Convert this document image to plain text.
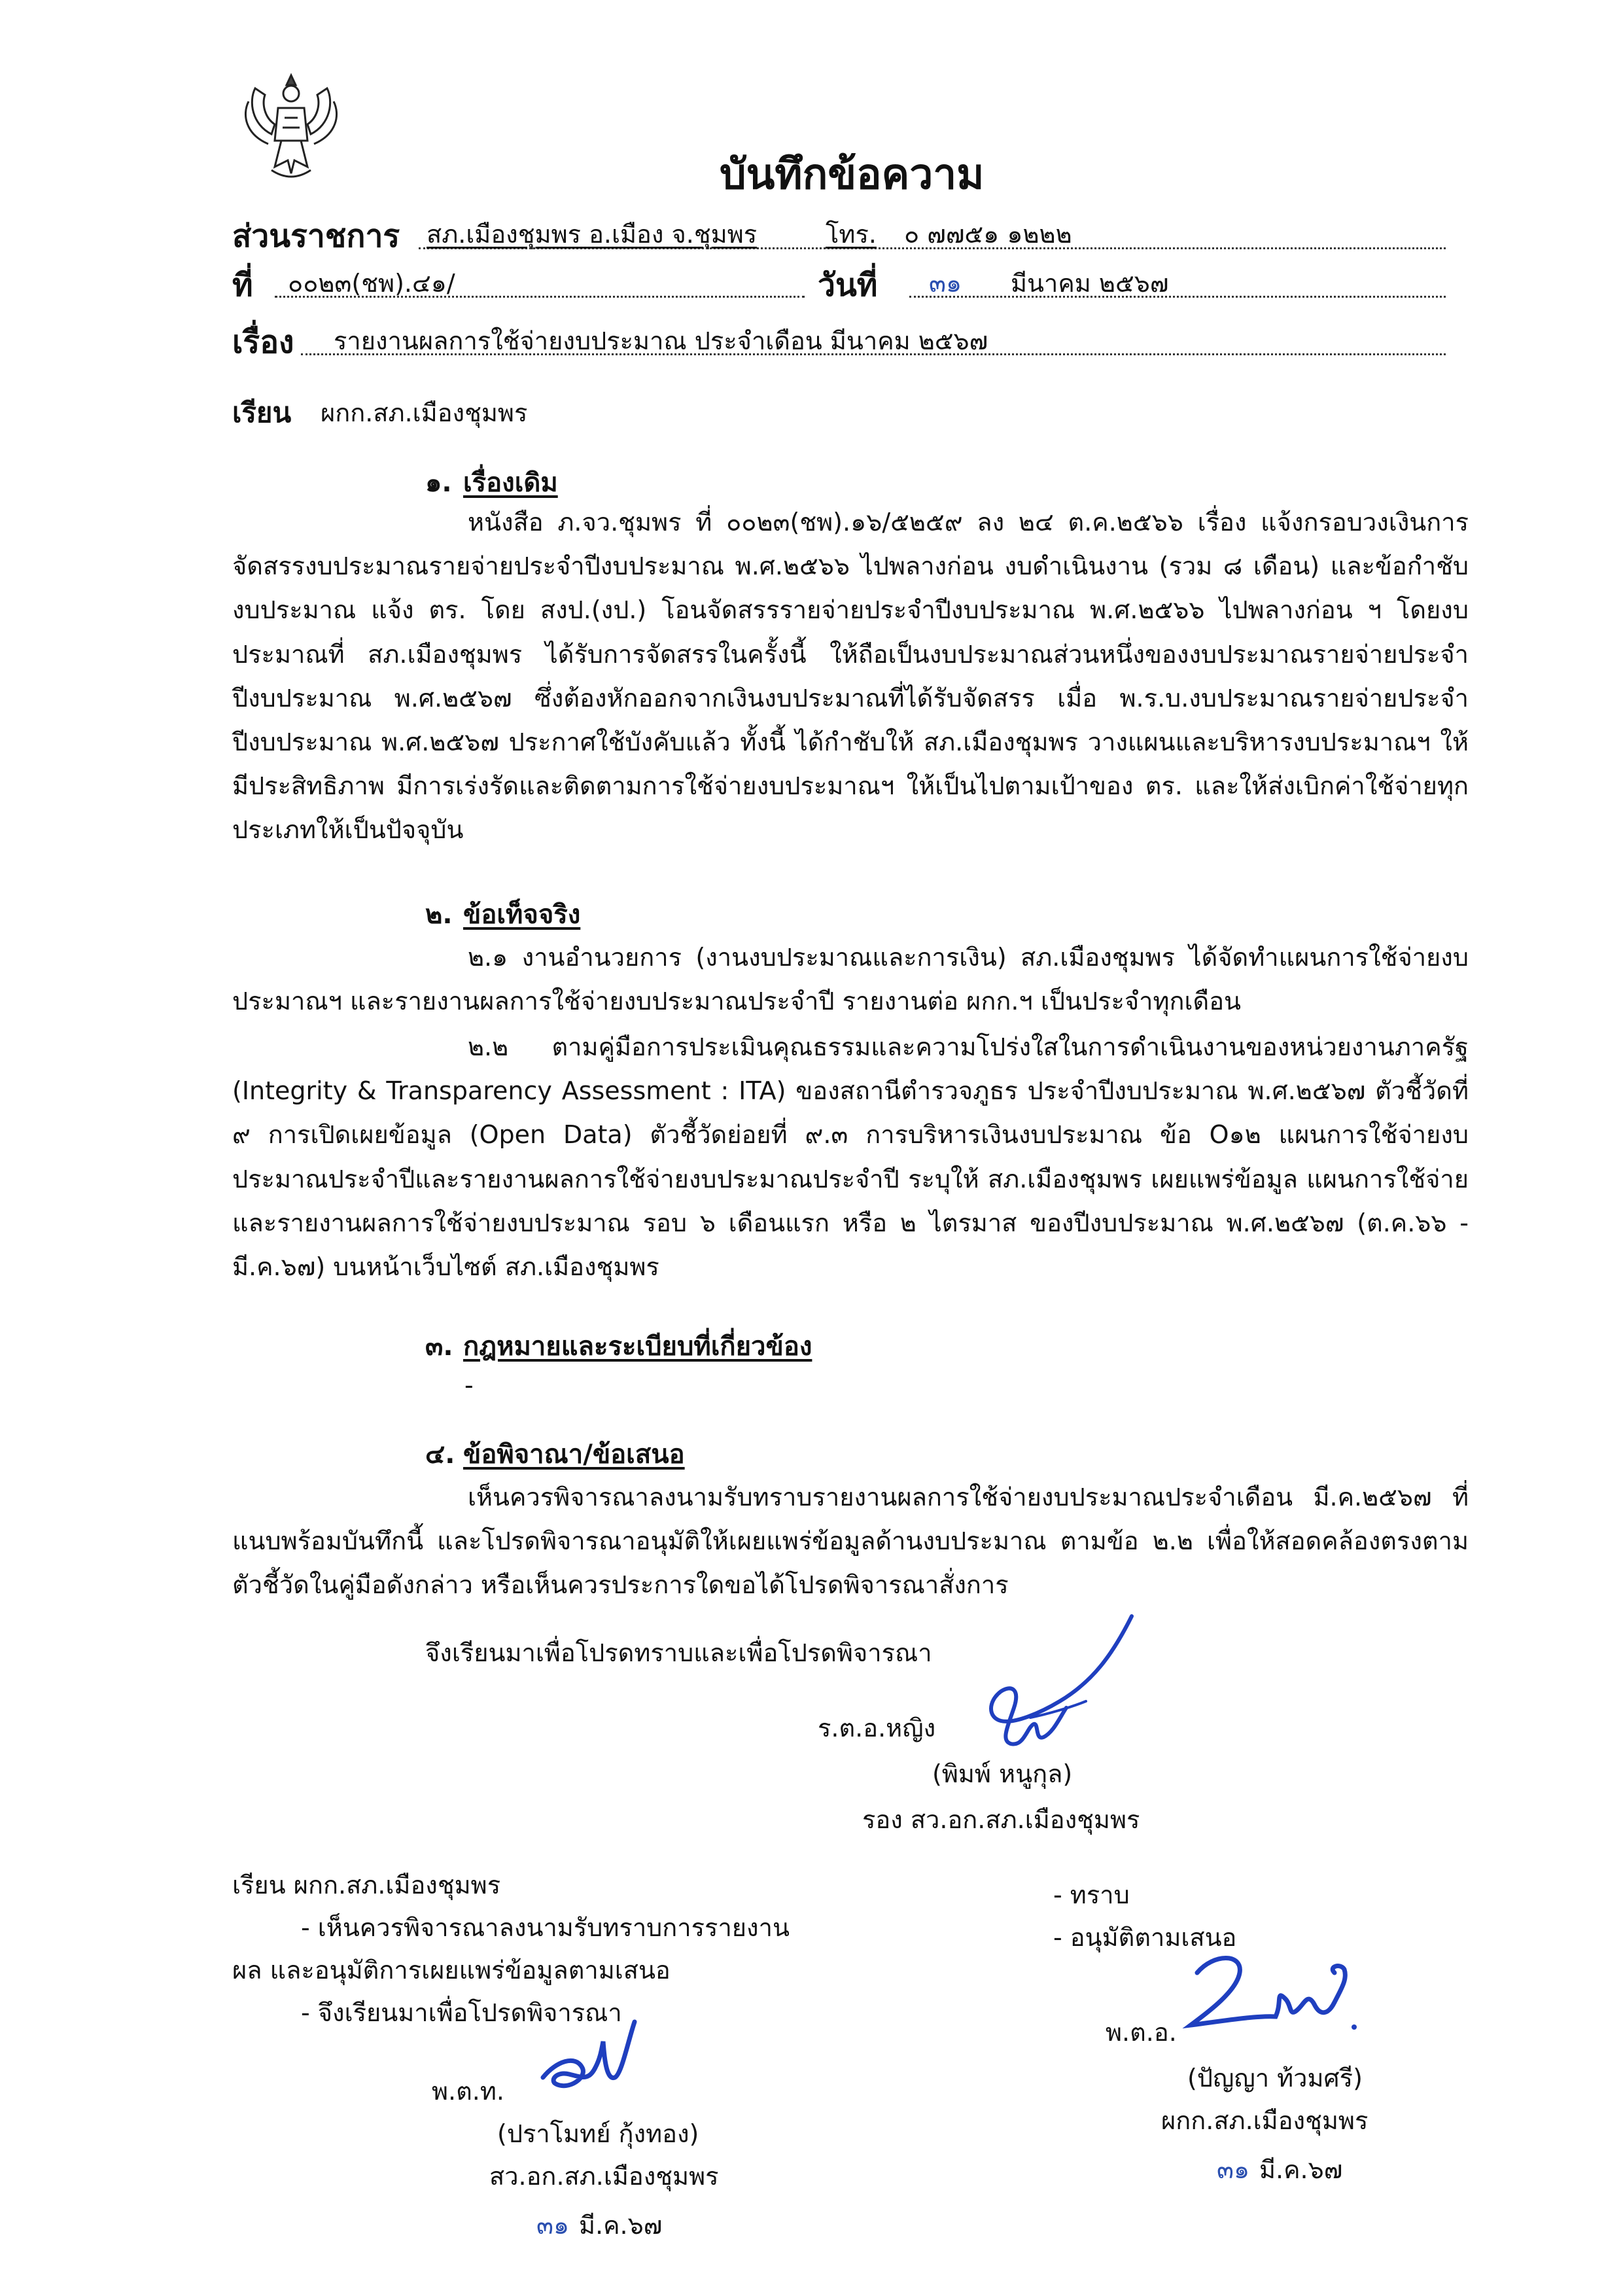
บันทึกข้อความ
ส่วนราชการ สภ.เมืองชุมพร อ.เมือง จ.ชุมพร	โทร. ๐ ๗๗๕๑ ๑๒๒๒
ที่ ๐๐๒๓(ชพ).๔๑/	วันที่ ๓๑ มีนาคม ๒๕๖๗
เรื่อง รายงานผลการใช้จ่ายงบประมาณ ประจำเดือน มีนาคม ๒๕๖๗
เรียน ผกก.สภ.เมืองชุมพร
๑. เรื่องเดิม
หนังสือ ภ.จว.ชุมพร ที่ ๐๐๒๓(ชพ).๑๖/๕๒๕๙ ลง ๒๔ ต.ค.๒๕๖๖ เรื่อง แจ้งกรอบวงเงินการจัดสรรงบประมาณรายจ่ายประจำปีงบประมาณ พ.ศ.๒๕๖๖ ไปพลางก่อน งบดำเนินงาน (รวม ๘ เดือน) และข้อกำชับงบประมาณ แจ้ง ตร. โดย สงป.(งป.) โอนจัดสรรรายจ่ายประจำปีงบประมาณ พ.ศ.๒๕๖๖ ไปพลางก่อน ฯ โดยงบประมาณที่ สภ.เมืองชุมพร ได้รับการจัดสรรในครั้งนี้ ให้ถือเป็นงบประมาณส่วนหนึ่งของงบประมาณรายจ่ายประจำปีงบประมาณ พ.ศ.๒๕๖๗ ซึ่งต้องหักออกจากเงินงบประมาณที่ได้รับจัดสรร เมื่อ พ.ร.บ.งบประมาณรายจ่ายประจำปีงบประมาณ พ.ศ.๒๕๖๗ ประกาศใช้บังคับแล้ว ทั้งนี้ ได้กำชับให้ สภ.เมืองชุมพร วางแผนและบริหารงบประมาณฯ ให้มีประสิทธิภาพ มีการเร่งรัดและติดตามการใช้จ่ายงบประมาณฯ ให้เป็นไปตามเป้าของ ตร. และให้ส่งเบิกค่าใช้จ่ายทุกประเภทให้เป็นปัจจุบัน
๒. ข้อเท็จจริง
๒.๑ งานอำนวยการ (งานงบประมาณและการเงิน) สภ.เมืองชุมพร ได้จัดทำแผนการใช้จ่ายงบประมาณฯ และรายงานผลการใช้จ่ายงบประมาณประจำปี รายงานต่อ ผกก.ฯ เป็นประจำทุกเดือน
๒.๒ ตามคู่มือการประเมินคุณธรรมและความโปร่งใสในการดำเนินงานของหน่วยงานภาครัฐ (Integrity & Transparency Assessment : ITA) ของสถานีตำรวจภูธร ประจำปีงบประมาณ พ.ศ.๒๕๖๗ ตัวชี้วัดที่ ๙ การเปิดเผยข้อมูล (Open Data) ตัวชี้วัดย่อยที่ ๙.๓ การบริหารเงินงบประมาณ ข้อ O๑๒ แผนการใช้จ่ายงบประมาณประจำปีและรายงานผลการใช้จ่ายงบประมาณประจำปี ระบุให้ สภ.เมืองชุมพร เผยแพร่ข้อมูล แผนการใช้จ่ายและรายงานผลการใช้จ่ายงบประมาณ รอบ ๖ เดือนแรก หรือ ๒ ไตรมาส ของปีงบประมาณ พ.ศ.๒๕๖๗ (ต.ค.๖๖ - มี.ค.๖๗) บนหน้าเว็บไซต์ สภ.เมืองชุมพร
๓. กฎหมายและระเบียบที่เกี่ยวข้อง
-
๔. ข้อพิจาณา/ข้อเสนอ
เห็นควรพิจารณาลงนามรับทราบรายงานผลการใช้จ่ายงบประมาณประจำเดือน มี.ค.๒๕๖๗ ที่แนบพร้อมบันทึกนี้ และโปรดพิจารณาอนุมัติให้เผยแพร่ข้อมูลด้านงบประมาณ ตามข้อ ๒.๒ เพื่อให้สอดคล้องตรงตามตัวชี้วัดในคู่มือดังกล่าว หรือเห็นควรประการใดขอได้โปรดพิจารณาสั่งการ
จึงเรียนมาเพื่อโปรดทราบและเพื่อโปรดพิจารณา
ร.ต.อ.หญิง
(พิมพ์ หนูกุล)
รอง สว.อก.สภ.เมืองชุมพร
เรียน ผกก.สภ.เมืองชุมพร
- เห็นควรพิจารณาลงนามรับทราบการรายงาน
ผล และอนุมัติการเผยแพร่ข้อมูลตามเสนอ
- จึงเรียนมาเพื่อโปรดพิจารณา
พ.ต.ท.
(ปราโมทย์ กุ้งทอง)
สว.อก.สภ.เมืองชุมพร
๓๑ มี.ค.๖๗
- ทราบ
- อนุมัติตามเสนอ
พ.ต.อ.
(ปัญญา ท้วมศรี)
ผกก.สภ.เมืองชุมพร
๓๑ มี.ค.๖๗
